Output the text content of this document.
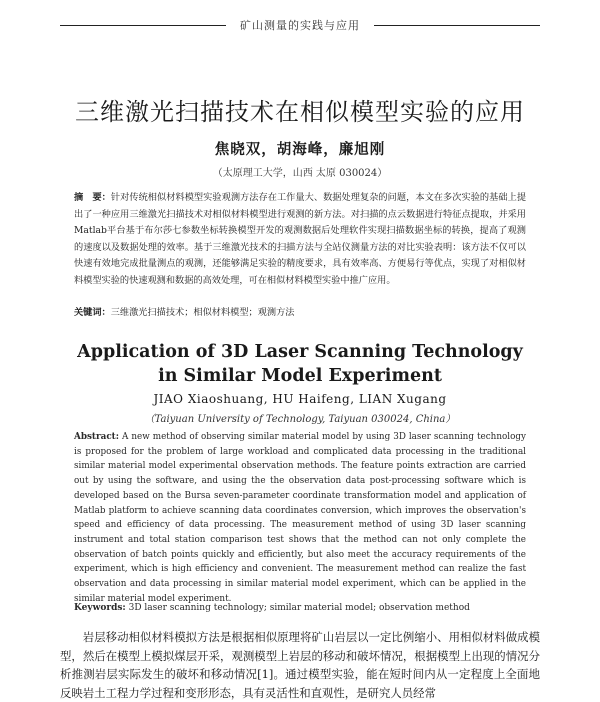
矿山测量的实践与应用
三维激光扫描技术在相似模型实验的应用
焦晓双，胡海峰，廉旭刚
（太原理工大学，山西 太原 030024）
摘　要：针对传统相似材料模型实验观测方法存在工作量大、数据处理复杂的问题，本文在多次实验的基础上提出了一种应用三维激光扫描技术对相似材料模型进行观测的新方法。对扫描的点云数据进行特征点提取，并采用Matlab平台基于布尔莎七参数坐标转换模型开发的观测数据后处理软件实现扫描数据坐标的转换，提高了观测的速度以及数据处理的效率。基于三维激光技术的扫描方法与全站仪测量方法的对比实验表明：该方法不仅可以快速有效地完成批量测点的观测，还能够满足实验的精度要求，具有效率高、方便易行等优点，实现了对相似材料模型实验的快速观测和数据的高效处理，可在相似材料模型实验中推广应用。
关键词：三维激光扫描技术；相似材料模型；观测方法
Application of 3D Laser Scanning Technology
in Similar Model Experiment
JIAO Xiaoshuang, HU Haifeng, LIAN Xugang
（Taiyuan University of Technology, Taiyuan 030024, China）
Abstract: A new method of observing similar material model by using 3D laser scanning technology is proposed for the problem of large workload and complicated data processing in the traditional similar material model experimental observation methods. The feature points extraction are carried out by using the software, and using the the observation data post-processing software which is developed based on the Bursa seven-parameter coordinate transformation model and application of Matlab platform to achieve scanning data coordinates conversion, which improves the observation's speed and efficiency of data processing. The measurement method of using 3D laser scanning instrument and total station comparison test shows that the method can not only complete the observation of batch points quickly and efficiently, but also meet the accuracy requirements of the experiment, which is high efficiency and convenient. The measurement method can realize the fast observation and data processing in similar material model experiment, which can be applied in the similar material model experiment.
Keywords: 3D laser scanning technology; similar material model; observation method
岩层移动相似材料模拟方法是根据相似原理将矿山岩层以一定比例缩小、用相似材料做成模型，然后在模型上模拟煤层开采，观测模型上岩层的移动和破坏情况，根据模型上出现的情况分析推测岩层实际发生的破坏和移动情况[1]。通过模型实验，能在短时间内从一定程度上全面地反映岩土工程力学过程和变形形态，具有灵活性和直观性，是研究人员经常
